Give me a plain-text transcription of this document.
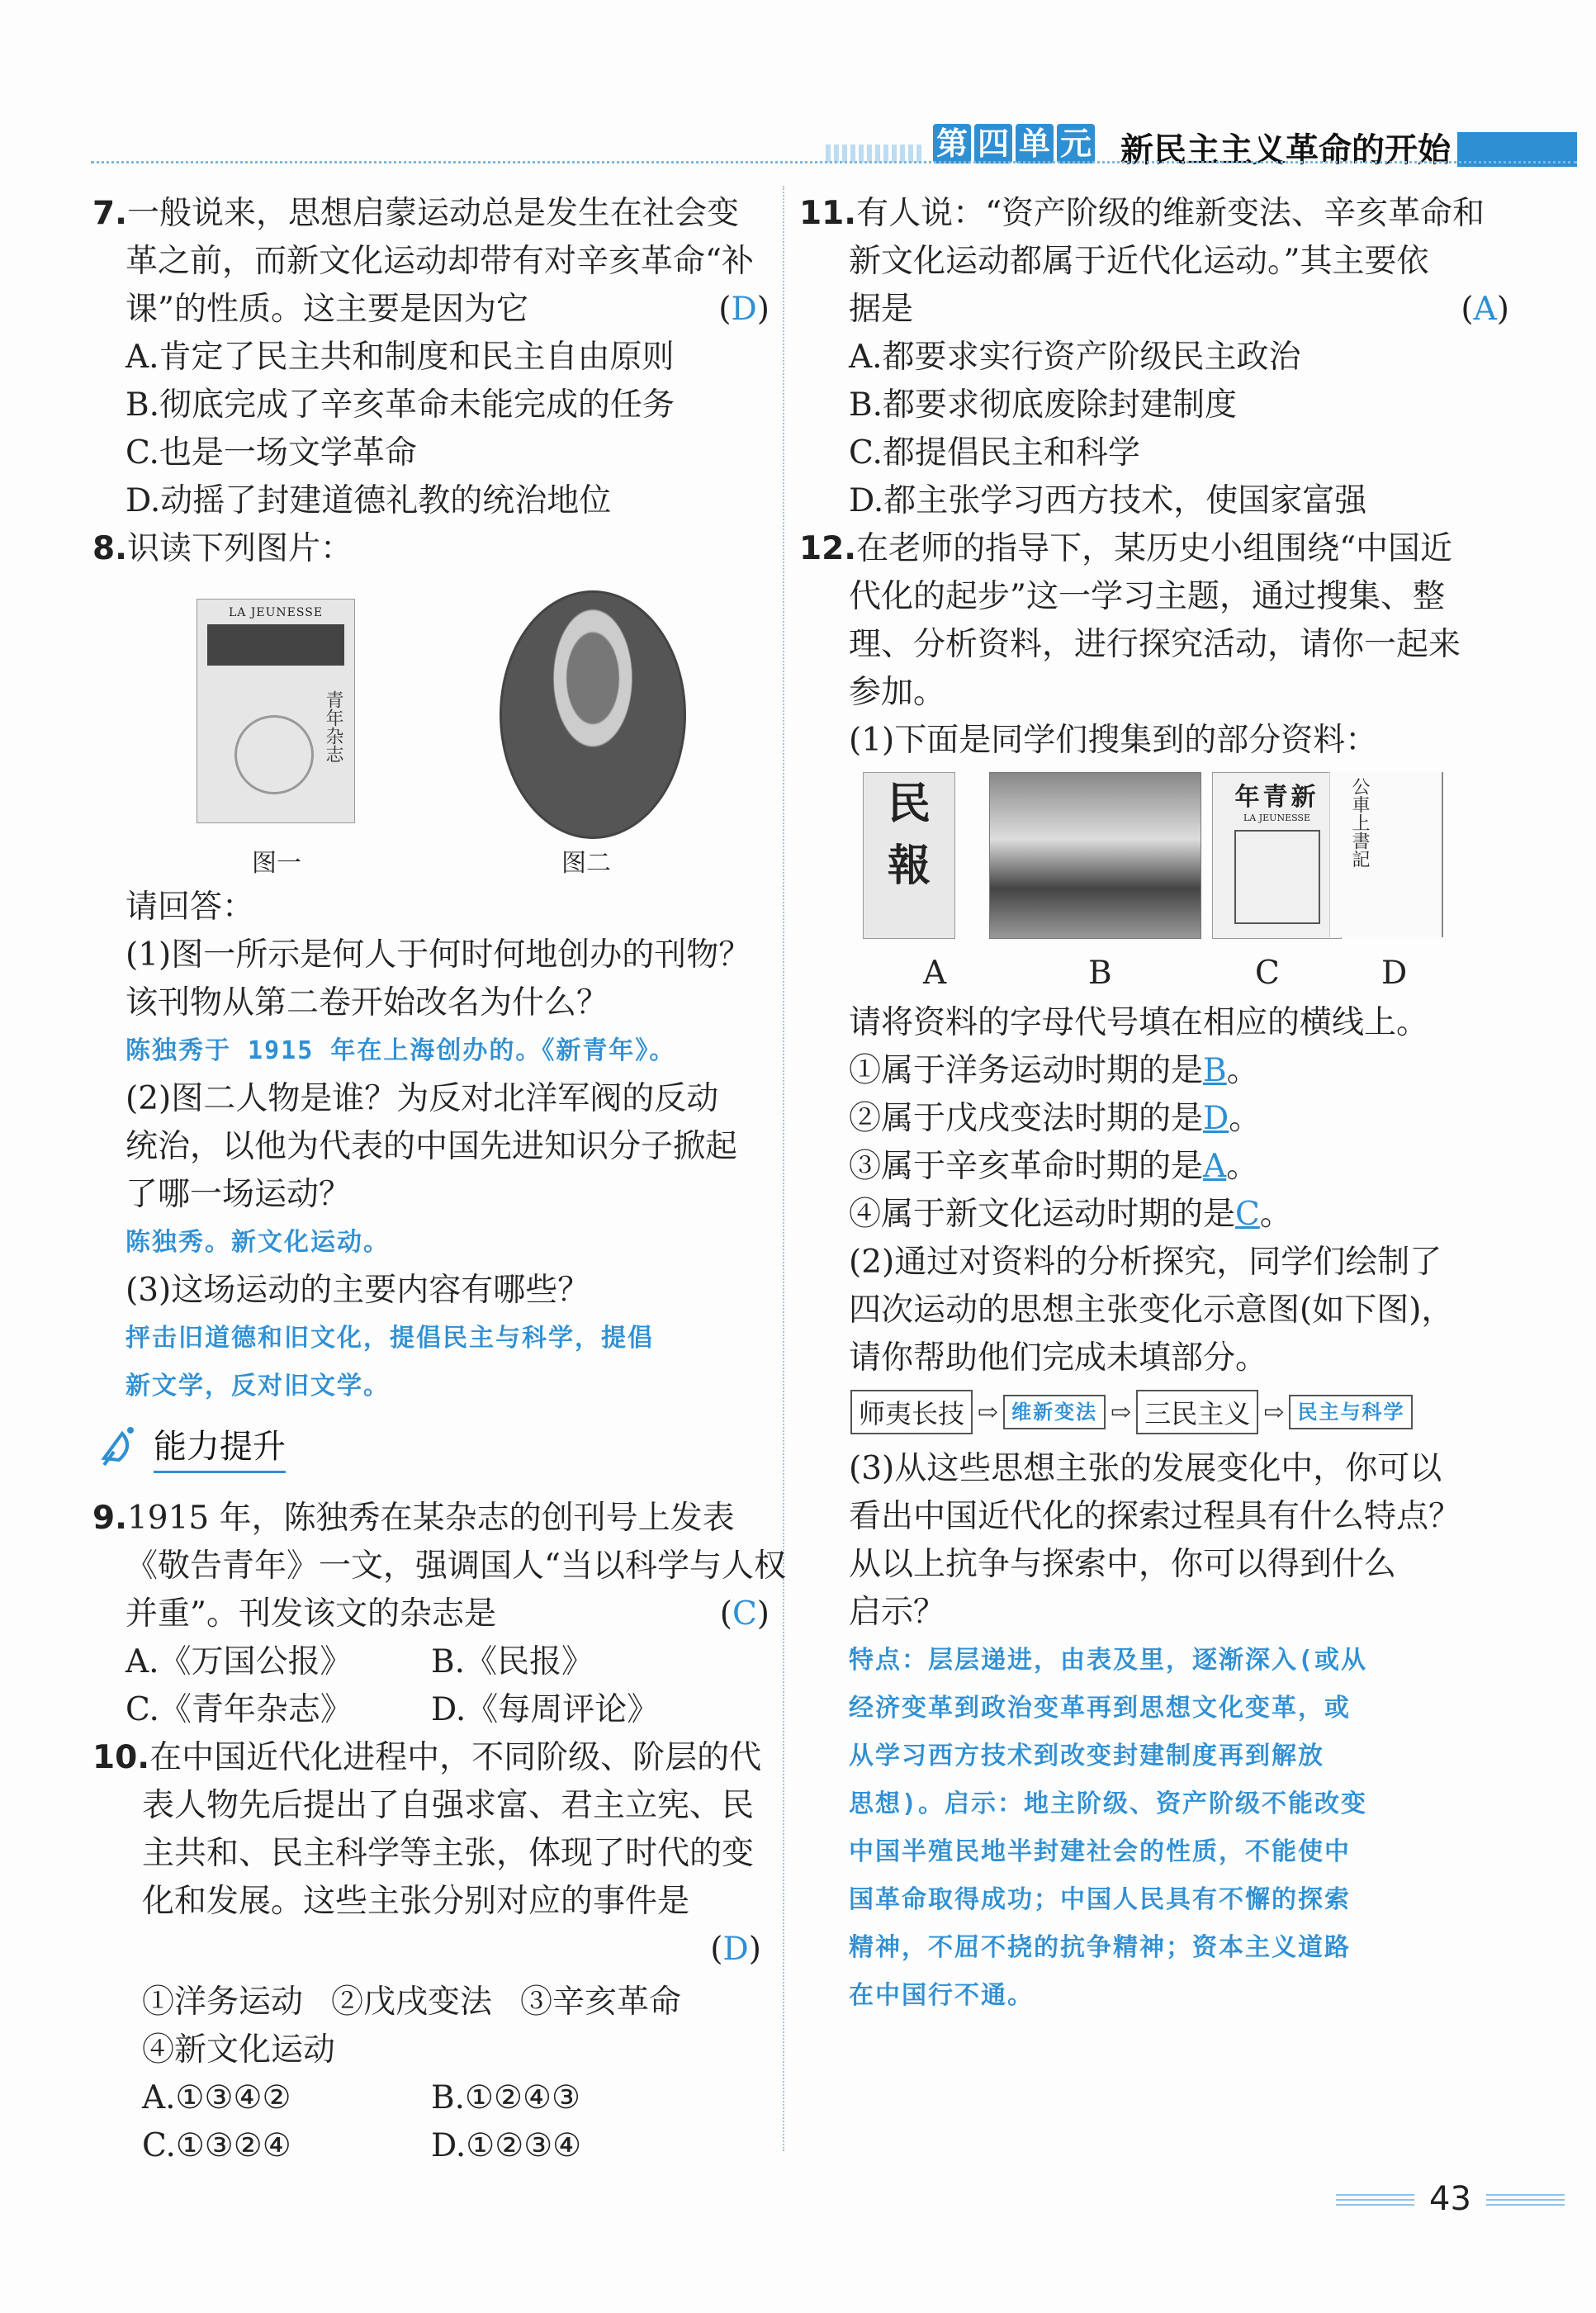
第 四 单 元 新民主主义革命的开始
7.一般说来，思想启蒙运动总是发生在社会变
革之前，而新文化运动却带有对辛亥革命“补
课”的性质。这主要是因为它	(D)
A.肯定了民主共和制度和民主自由原则
B.彻底完成了辛亥革命未能完成的任务
C.也是一场文学革命
D.动摇了封建道德礼教的统治地位
8.识读下列图片：
LA JEUNESSE
青年杂志
图一	图二
请回答：
(1)图一所示是何人于何时何地创办的刊物？
该刊物从第二卷开始改名为什么？
陈独秀于 1915 年在上海创办的。《新青年》。
(2)图二人物是谁？为反对北洋军阀的反动
统治，以他为代表的中国先进知识分子掀起
了哪一场运动？
陈独秀。新文化运动。
(3)这场运动的主要内容有哪些？
抨击旧道德和旧文化，提倡民主与科学，提倡
新文学，反对旧文学。
能力提升
9.1915 年，陈独秀在某杂志的创刊号上发表
《敬告青年》一文，强调国人“当以科学与人权
并重”。刊发该文的杂志是	(C)
A.《万国公报》	B.《民报》
C.《青年杂志》	D.《每周评论》
10.在中国近代化进程中，不同阶级、阶层的代
表人物先后提出了自强求富、君主立宪、民
主共和、民主科学等主张，体现了时代的变
化和发展。这些主张分别对应的事件是
(D)
①洋务运动 ②戊戌变法 ③辛亥革命
④新文化运动
A.①③④②	B.①②④③
C.①③②④	D.①②③④
11.有人说：“资产阶级的维新变法、辛亥革命和
新文化运动都属于近代化运动。”其主要依
据是	(A)
A.都要求实行资产阶级民主政治
B.都要求彻底废除封建制度
C.都提倡民主和科学
D.都主张学习西方技术，使国家富强
12.在老师的指导下，某历史小组围绕“中国近
代化的起步”这一学习主题，通过搜集、整
理、分析资料，进行探究活动，请你一起来
参加。
(1)下面是同学们搜集到的部分资料：
民
報
年青新
LA JEUNESSE	公車上書記
A	B	C	D
请将资料的字母代号填在相应的横线上。
①属于洋务运动时期的是B。
②属于戊戌变法时期的是D。
③属于辛亥革命时期的是A。
④属于新文化运动时期的是C。
(2)通过对资料的分析探究，同学们绘制了
四次运动的思想主张变化示意图(如下图)，
请你帮助他们完成未填部分。
师夷长技 ⇨ 维新变法 ⇨ 三民主义 ⇨ 民主与科学
(3)从这些思想主张的发展变化中，你可以
看出中国近代化的探索过程具有什么特点？
从以上抗争与探索中，你可以得到什么
启示？
特点：层层递进，由表及里，逐渐深入(或从
经济变革到政治变革再到思想文化变革，或
从学习西方技术到改变封建制度再到解放
思想)。启示：地主阶级、资产阶级不能改变
中国半殖民地半封建社会的性质，不能使中
国革命取得成功；中国人民具有不懈的探索
精神，不屈不挠的抗争精神；资本主义道路
在中国行不通。
43
